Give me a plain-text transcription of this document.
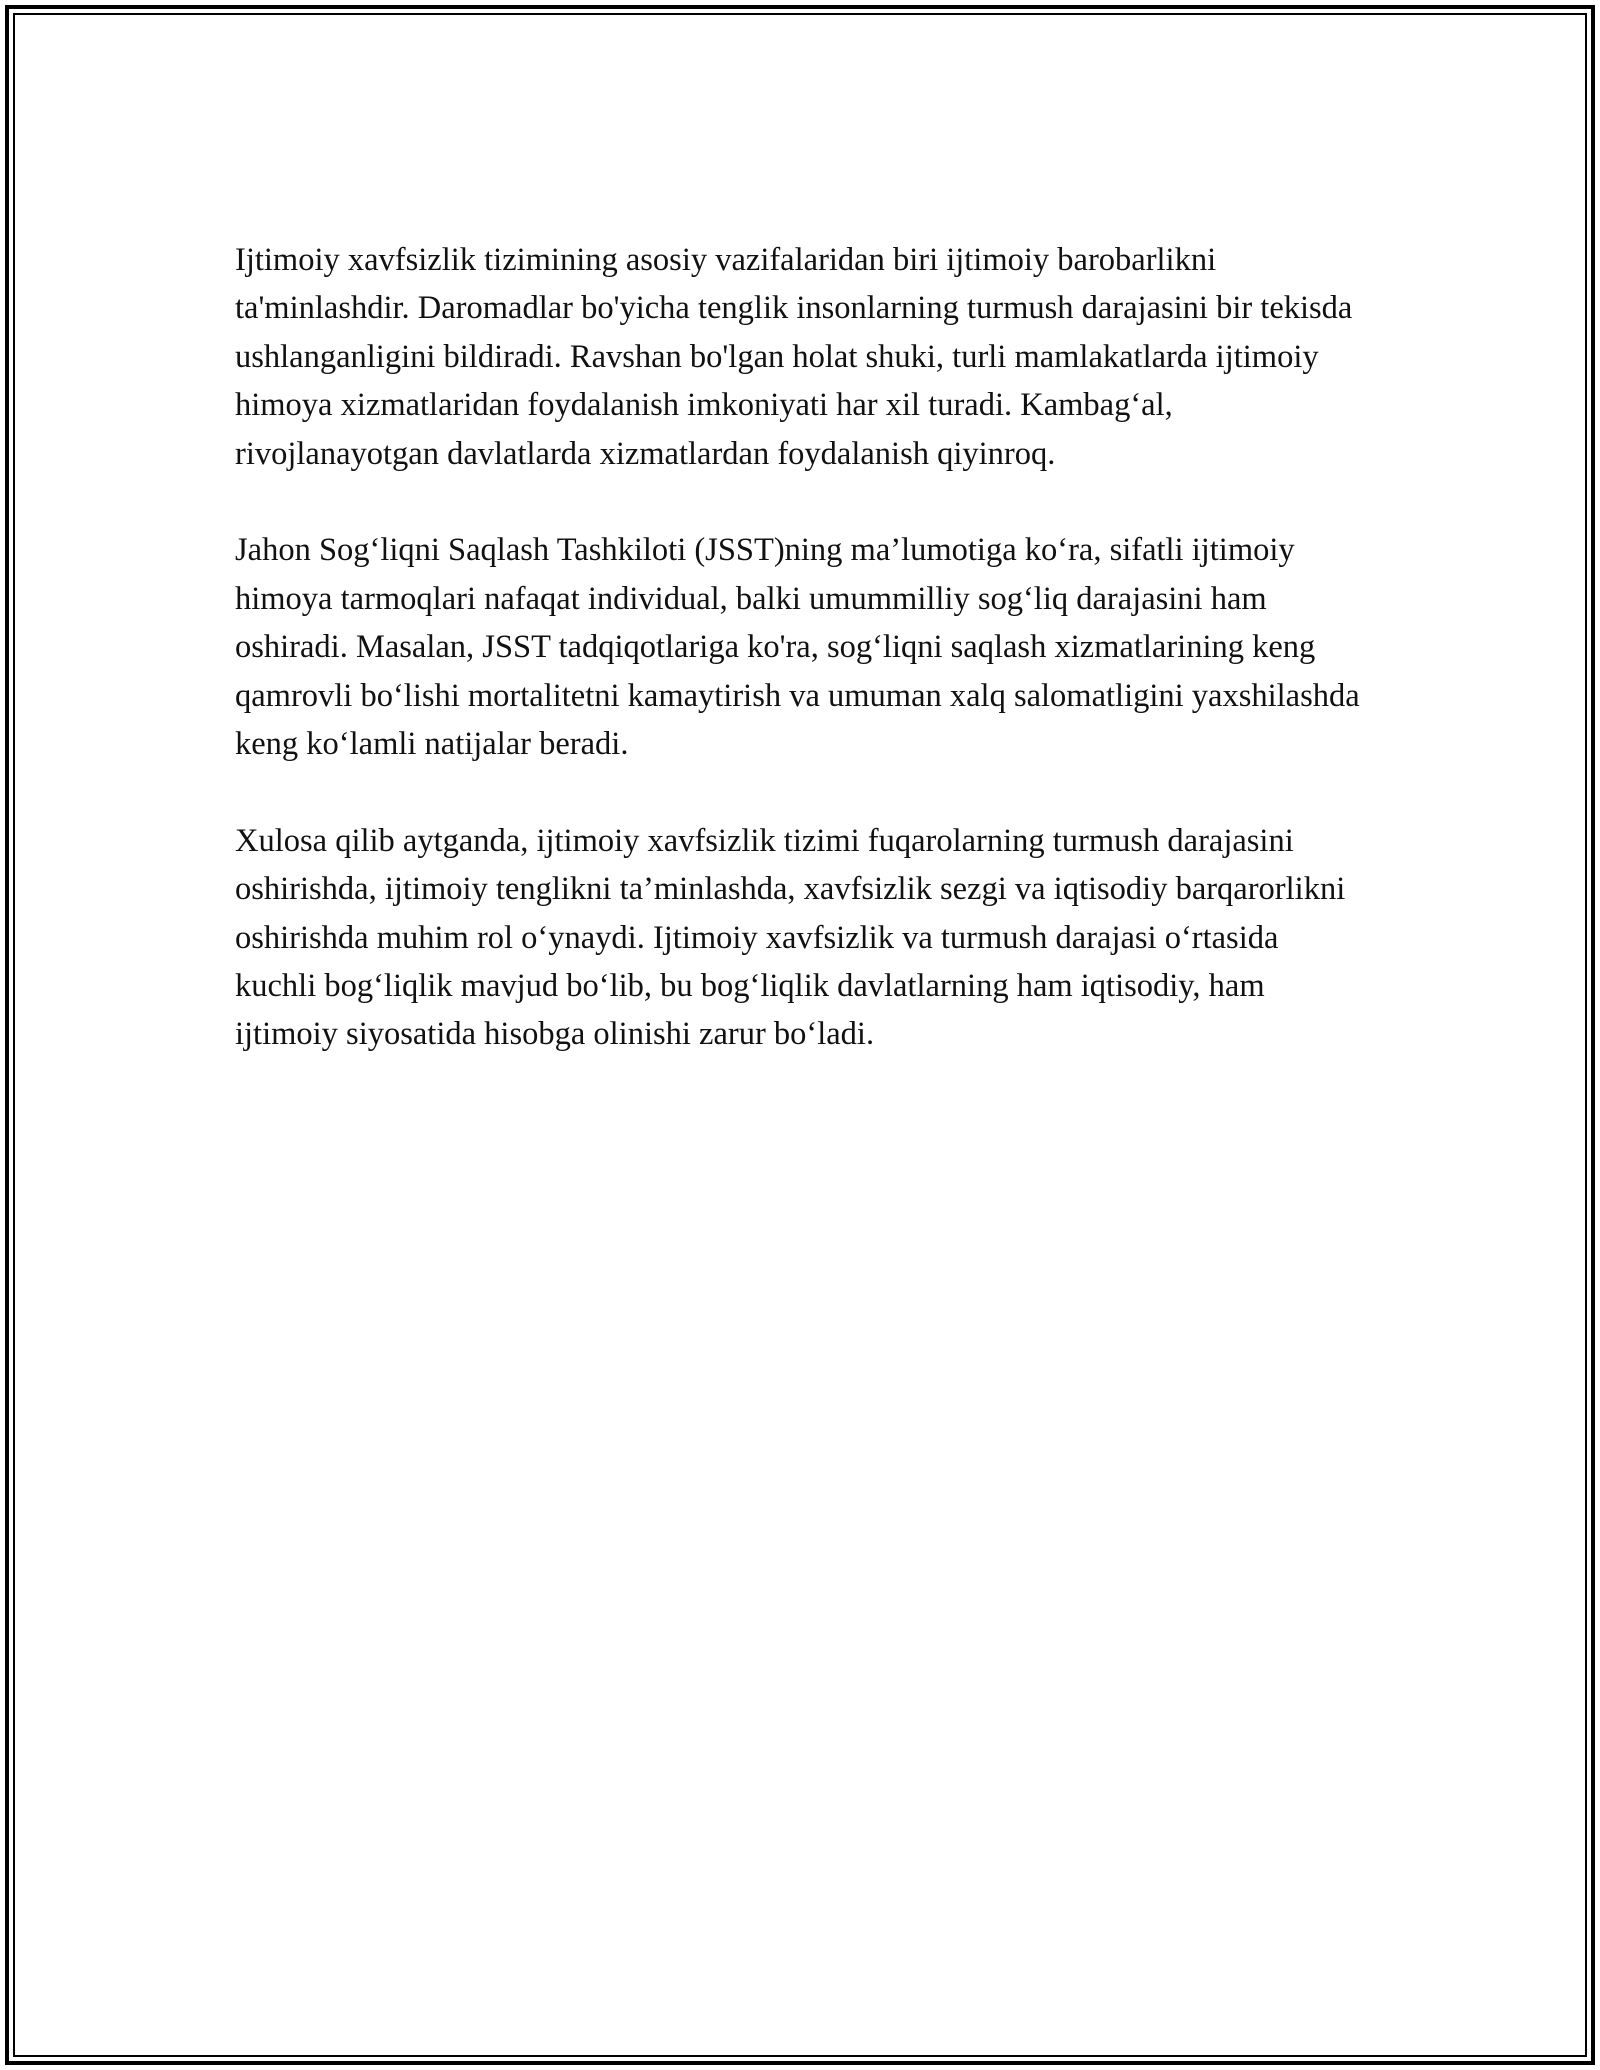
Ijtimoiy xavfsizlik tizimining asosiy vazifalaridan biri ijtimoiy barobarlikni ta'minlashdir. Daromadlar bo'yicha tenglik insonlarning turmush darajasini bir tekisda ushlanganligini bildiradi. Ravshan bo'lgan holat shuki, turli mamlakatlarda ijtimoiy himoya xizmatlaridan foydalanish imkoniyati har xil turadi. Kambag‘al, rivojlanayotgan davlatlarda xizmatlardan foydalanish qiyinroq.

Jahon Sog‘liqni Saqlash Tashkiloti (JSST)ning ma’lumotiga ko‘ra, sifatli ijtimoiy himoya tarmoqlari nafaqat individual, balki umummilliy sog‘liq darajasini ham oshiradi. Masalan, JSST tadqiqotlariga ko'ra, sog‘liqni saqlash xizmatlarining keng qamrovli bo‘lishi mortalitetni kamaytirish va umuman xalq salomatligini yaxshilashda keng ko‘lamli natijalar beradi.

Xulosa qilib aytganda, ijtimoiy xavfsizlik tizimi fuqarolarning turmush darajasini oshirishda, ijtimoiy tenglikni ta’minlashda, xavfsizlik sezgi va iqtisodiy barqarorlikni oshirishda muhim rol o‘ynaydi. Ijtimoiy xavfsizlik va turmush darajasi o‘rtasida kuchli bog‘liqlik mavjud bo‘lib, bu bog‘liqlik davlatlarning ham iqtisodiy, ham ijtimoiy siyosatida hisobga olinishi zarur bo‘ladi.
